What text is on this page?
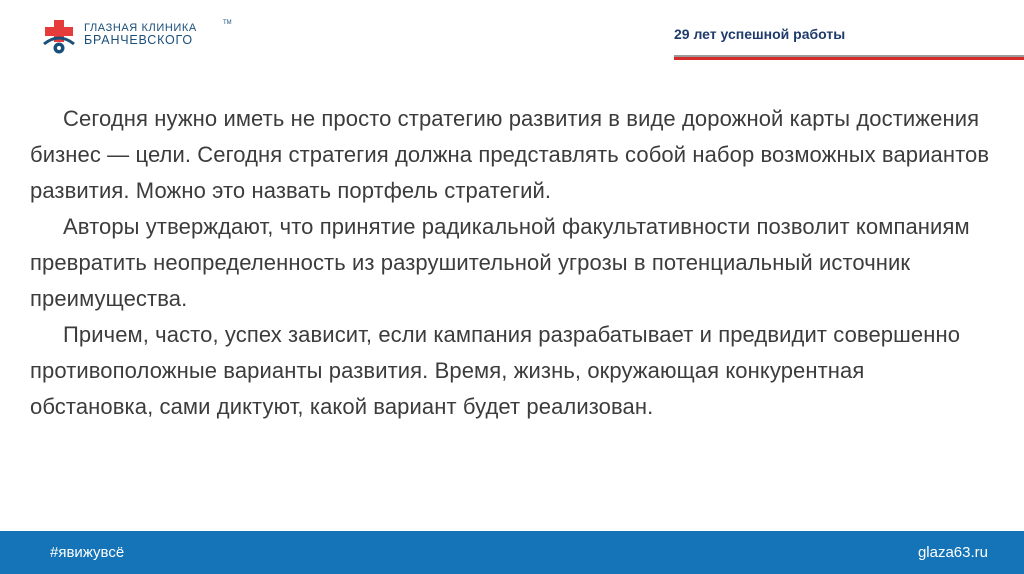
ГЛАЗНАЯ КЛИНИКА
БРАНЧЕВСКОГО
TM
29 лет успешной работы

Сегодня нужно иметь не просто стратегию развития в виде дорожной карты достижения бизнес — цели. Сегодня стратегия должна представлять собой набор возможных вариантов развития. Можно это назвать портфель стратегий.

Авторы утверждают, что принятие радикальной факультативности позволит компаниям превратить неопределенность из разрушительной угрозы в потенциальный источник преимущества.

Причем, часто, успех зависит, если кампания разрабатывает и предвидит совершенно противоположные варианты развития. Время, жизнь, окружающая конкурентная обстановка, сами диктуют, какой вариант будет реализован.

#явижувсё	glaza63.ru
